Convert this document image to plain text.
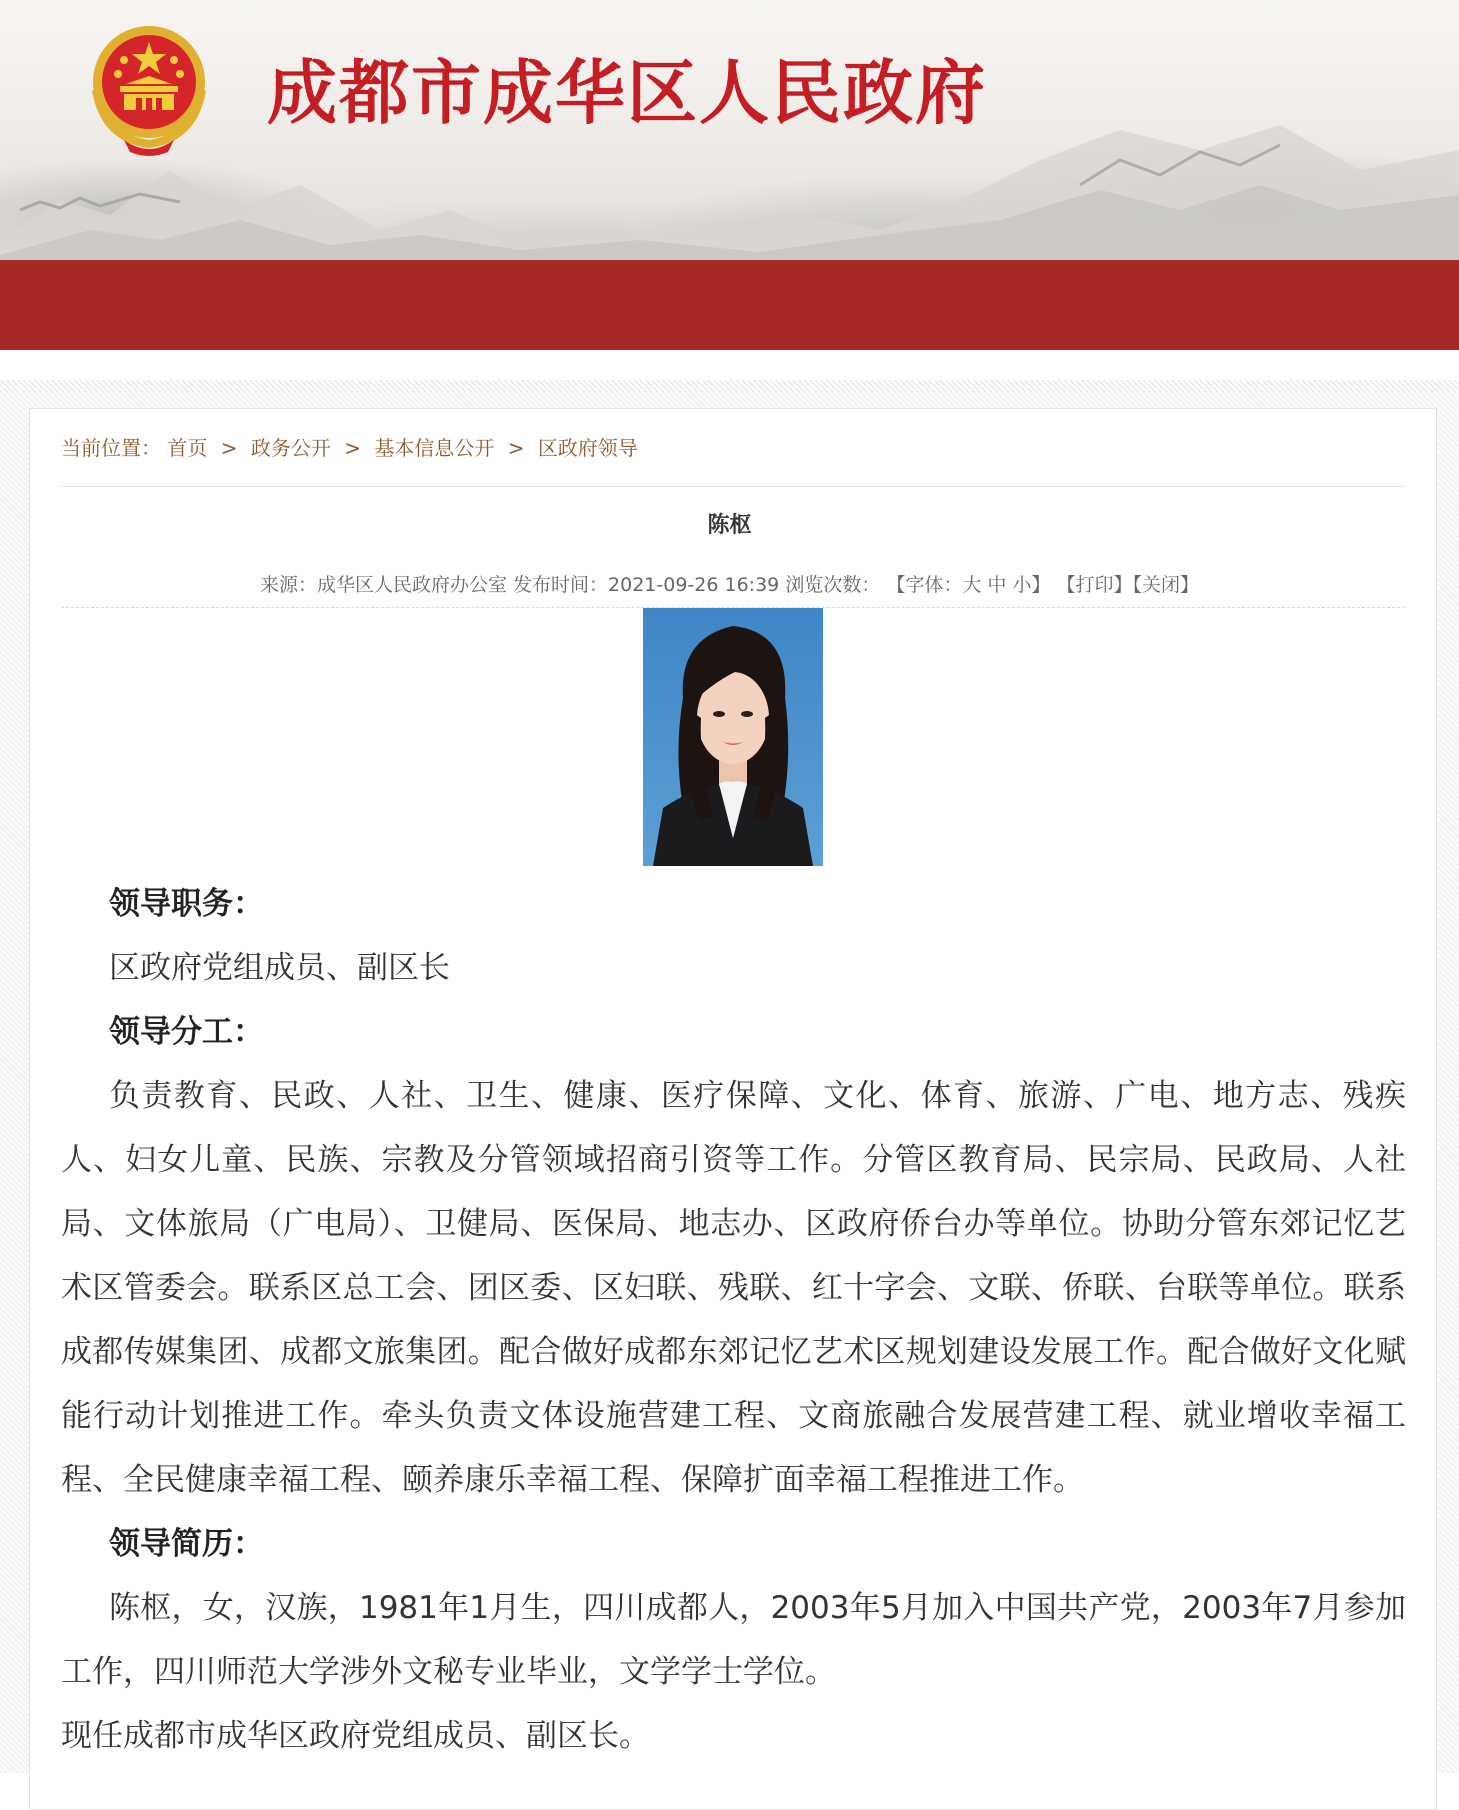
成都市成华区人民政府
当前位置： 首页 > 政务公开 > 基本信息公开 > 区政府领导
陈枢
来源：成华区人民政府办公室 发布时间：2021-09-26 16:39 浏览次数： 【字体：大 中 小】 【打印】【关闭】

领导职务：

区政府党组成员、副区长

领导分工：

负责教育、民政、人社、卫生、健康、医疗保障、文化、体育、旅游、广电、地方志、残疾人、妇女儿童、民族、宗教及分管领域招商引资等工作。分管区教育局、民宗局、民政局、人社局、文体旅局（广电局）、卫健局、医保局、地志办、区政府侨台办等单位。协助分管东郊记忆艺术区管委会。联系区总工会、团区委、区妇联、残联、红十字会、文联、侨联、台联等单位。联系成都传媒集团、成都文旅集团。配合做好成都东郊记忆艺术区规划建设发展工作。配合做好文化赋能行动计划推进工作。牵头负责文体设施营建工程、文商旅融合发展营建工程、就业增收幸福工程、全民健康幸福工程、颐养康乐幸福工程、保障扩面幸福工程推进工作。

领导简历：

陈枢，女，汉族，1981年1月生，四川成都人，2003年5月加入中国共产党，2003年7月参加工作，四川师范大学涉外文秘专业毕业，文学学士学位。

现任成都市成华区政府党组成员、副区长。
